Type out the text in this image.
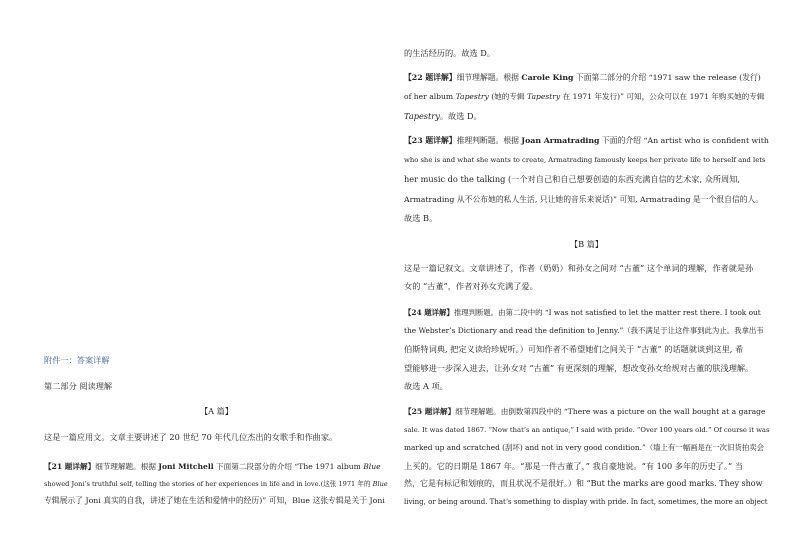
附件一：答案详解
第二部分 阅读理解
【A 篇】
这是一篇应用文。文章主要讲述了 20 世纪 70 年代几位杰出的女歌手和作曲家。
【21 题详解】细节理解题。根据 Joni Mitchell 下面第二段部分的介绍 “The 1971 album Blue
showed Joni’s truthful self, telling the stories of her experiences in life and in love.(这张 1971 年的 Blue
专辑展示了 Joni 真实的自我，讲述了她在生活和爱情中的经历)” 可知，Blue 这张专辑是关于 Joni
的生活经历的。故选 D。
【22 题详解】细节理解题。根据 Carole King 下面第二部分的介绍 “1971 saw the release (发行)
of her album Tapestry (她的专辑 Tapestry 在 1971 年发行)” 可知，公众可以在 1971 年购买她的专辑
Tapestry。故选 D。
【23 题详解】推理判断题。根据 Joan Armatrading 下面的介绍 “An artist who is confident with
who she is and what she wants to create, Armatrading famously keeps her private life to herself and lets
her music do the talking (一个对自己和自己想要创造的东西充满自信的艺术家, 众所周知,
Armatrading 从不公布她的私人生活, 只让她的音乐来说话)” 可知, Armatrading 是一个很自信的人。
故选 B。
【B 篇】
这是一篇记叙文。文章讲述了，作者（奶奶）和孙女之间对 “古董” 这个单词的理解，作者就是孙
女的 “古董”，作者对孙女充满了爱。
【24 题详解】推理判断题。由第二段中的 “I was not satisfied to let the matter rest there. I took out
the Webster’s Dictionary and read the definition to Jenny.”（我不满足于让这件事到此为止。我拿出韦
伯斯特词典, 把定义读给珍妮听。）可知作者不希望她们之间关于 “古董” 的话题就谈到这里, 希
望能够进一步深入进去，让孙女对 “古董” 有更深刻的理解，想改变孙女给规对古董的肤浅理解。
故选 A 项。
【25 题详解】细节理解题。由倒数第四段中的 “There was a picture on the wall bought at a garage
sale. It was dated 1867. “Now that’s an antique,” I said with pride. “Over 100 years old.” Of course it was
marked up and scratched (刮坏) and not in very good condition.”（墙上有一幅画是在一次旧货拍卖会
上买的。它的日期是 1867 年。“那是一件古董了，” 我自豪地说。“有 100 多年的历史了。” 当
然，它是有标记和划痕的，而且状况不是很好。）和 “But the marks are good marks. They show
living, or being around. That’s something to display with pride. In fact, sometimes, the more an object
